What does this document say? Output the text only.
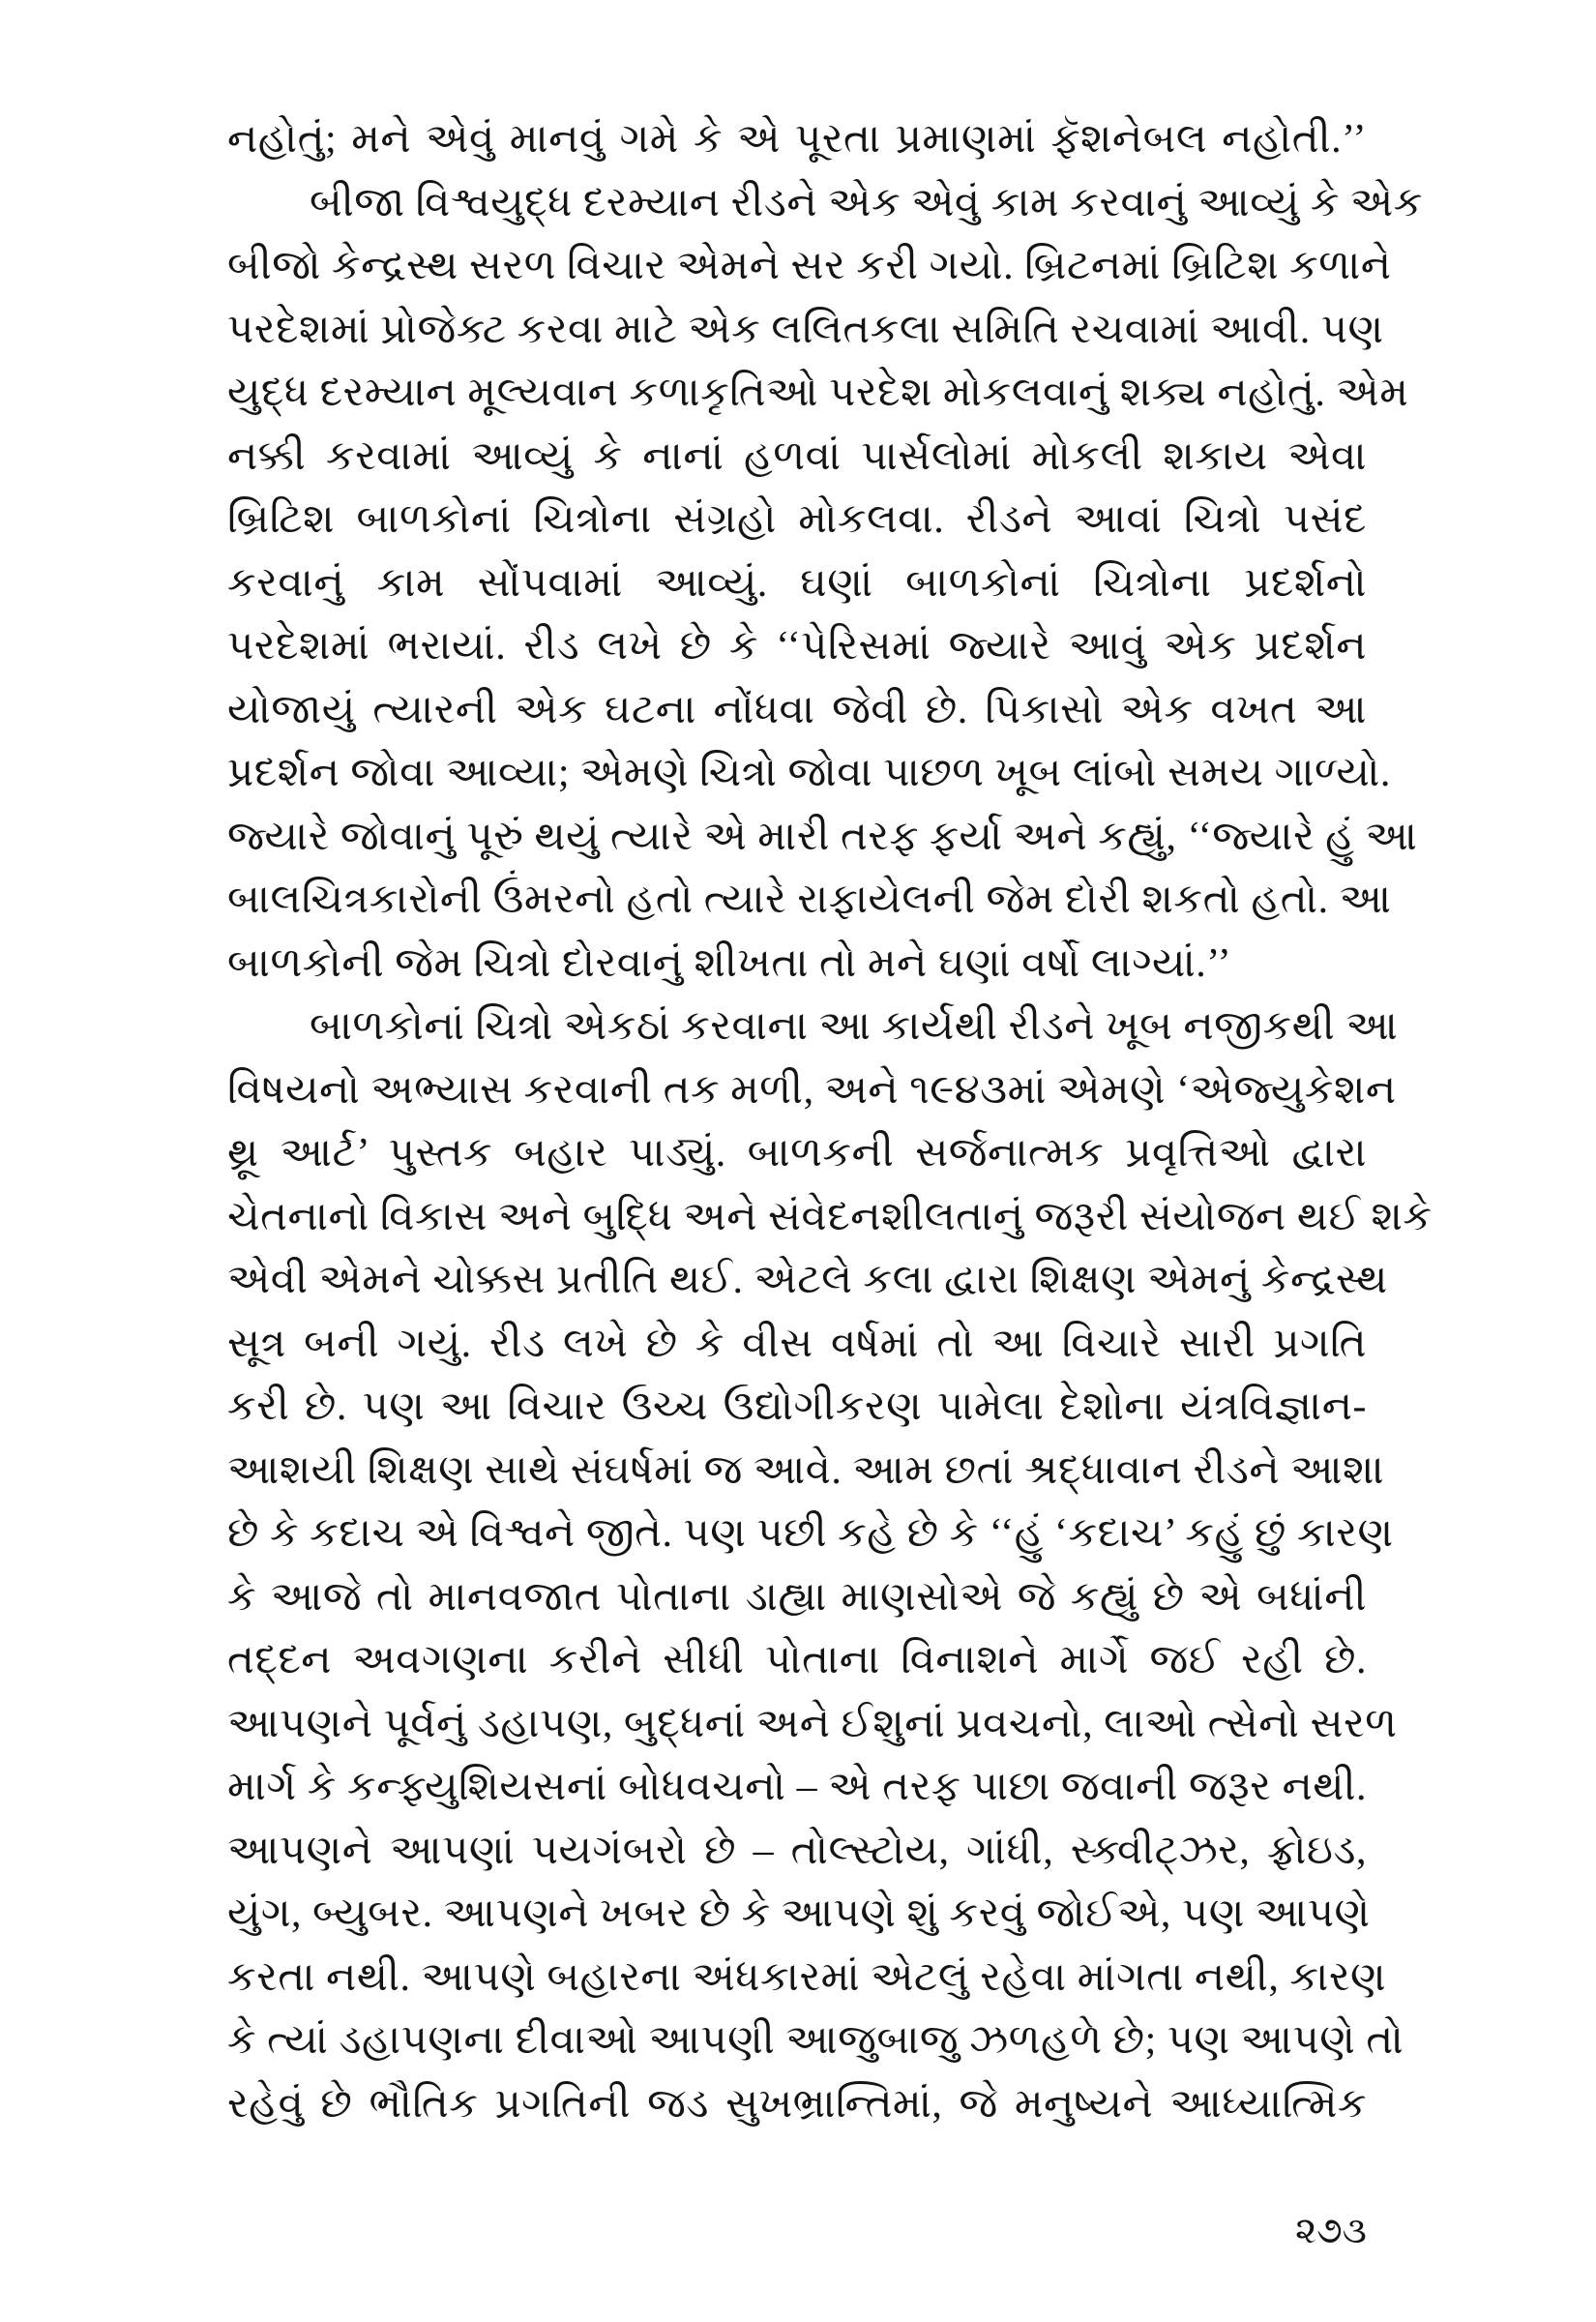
નહોતું; મને એવું માનવું ગમે કે એ પૂરતા પ્રમાણમાં ફૅશનેબલ નહોતી.’’

બીજા વિશ્વયુદ્ધ દરમ્યાન રીડને એક એવું કામ કરવાનું આવ્યું કે એક

બીજો કેન્દ્રસ્થ સરળ વિચાર એમને સર કરી ગયો. બ્રિટનમાં બ્રિટિશ કળાને

પરદેશમાં પ્રોજેક્ટ કરવા માટે એક લલિતકલા સમિતિ રચવામાં આવી. પણ

યુદ્ધ દરમ્યાન મૂલ્યવાન કળાકૃતિઓ પરદેશ મોકલવાનું શક્ય નહોતું. એમ

નક્કી કરવામાં આવ્યું કે નાનાં હળવાં પાર્સલોમાં મોકલી શકાય એવા

બ્રિટિશ બાળકોનાં ચિત્રોના સંગ્રહો મોકલવા. રીડને આવાં ચિત્રો પસંદ

કરવાનું કામ સોંપવામાં આવ્યું. ઘણાં બાળકોનાં ચિત્રોના પ્રદર્શનો

પરદેશમાં ભરાયાં. રીડ લખે છે કે ‘‘પેરિસમાં જ્યારે આવું એક પ્રદર્શન

યોજાયું ત્યારની એક ઘટના નોંધવા જેવી છે. પિકાસો એક વખત આ

પ્રદર્શન જોવા આવ્યા; એમણે ચિત્રો જોવા પાછળ ખૂબ લાંબો સમય ગાળ્યો.

જ્યારે જોવાનું પૂરું થયું ત્યારે એ મારી તરફ ફર્યા અને કહ્યું, ‘‘જ્યારે હું આ

બાલચિત્રકારોની ઉંમરનો હતો ત્યારે રાફાયેલની જેમ દોરી શકતો હતો. આ

બાળકોની જેમ ચિત્રો દોરવાનું શીખતા તો મને ઘણાં વર્ષો લાગ્યાં.’’

બાળકોનાં ચિત્રો એકઠાં કરવાના આ કાર્યથી રીડને ખૂબ નજીકથી આ

વિષયનો અભ્યાસ કરવાની તક મળી, અને ૧૯૪૩માં એમણે ‘એજ્યુકેશન

થ્રૂ આર્ટ’ પુસ્તક બહાર પાડ્યું. બાળકની સર્જનાત્મક પ્રવૃત્તિઓ દ્વારા

ચેતનાનો વિકાસ અને બુદ્ધિ અને સંવેદનશીલતાનું જરૂરી સંયોજન થઈ શકે

એવી એમને ચોક્કસ પ્રતીતિ થઈ. એટલે કલા દ્વારા શિક્ષણ એમનું કેન્દ્રસ્થ

સૂત્ર બની ગયું. રીડ લખે છે કે વીસ વર્ષમાં તો આ વિચારે સારી પ્રગતિ

કરી છે. પણ આ વિચાર ઉચ્ચ ઉદ્યોગીકરણ પામેલા દેશોના યંત્રવિજ્ઞાન-

આશયી શિક્ષણ સાથે સંઘર્ષમાં જ આવે. આમ છતાં શ્રદ્ધાવાન રીડને આશા

છે કે કદાચ એ વિશ્વને જીતે. પણ પછી કહે છે કે ‘‘હું ‘કદાચ’ કહું છું કારણ

કે આજે તો માનવજાત પોતાના ડાહ્યા માણસોએ જે કહ્યું છે એ બધાંની

તદ્દન અવગણના કરીને સીધી પોતાના વિનાશને માર્ગે જઈ રહી છે.

આપણને પૂર્વનું ડહાપણ, બુદ્ધનાં અને ઈશુનાં પ્રવચનો, લાઓ ત્સેનો સરળ

માર્ગ કે કન્ફ્યુશિયસનાં બોધવચનો – એ તરફ પાછા જવાની જરૂર નથી.

આપણને આપણાં પયગંબરો છે – તોલ્સ્ટોય, ગાંધી, સ્ક્વીટ્ઝર, ફ્રોઇડ,

યુંગ, બ્યુબર. આપણને ખબર છે કે આપણે શું કરવું જોઈએ, પણ આપણે

કરતા નથી. આપણે બહારના અંધકારમાં એટલું રહેવા માંગતા નથી, કારણ

કે ત્યાં ડહાપણના દીવાઓ આપણી આજુબાજુ ઝળહળે છે; પણ આપણે તો

રહેવું છે ભૌતિક પ્રગતિની જડ સુખભ્રાન્તિમાં, જે મનુષ્યને આધ્યાત્મિક

૨૭૩
